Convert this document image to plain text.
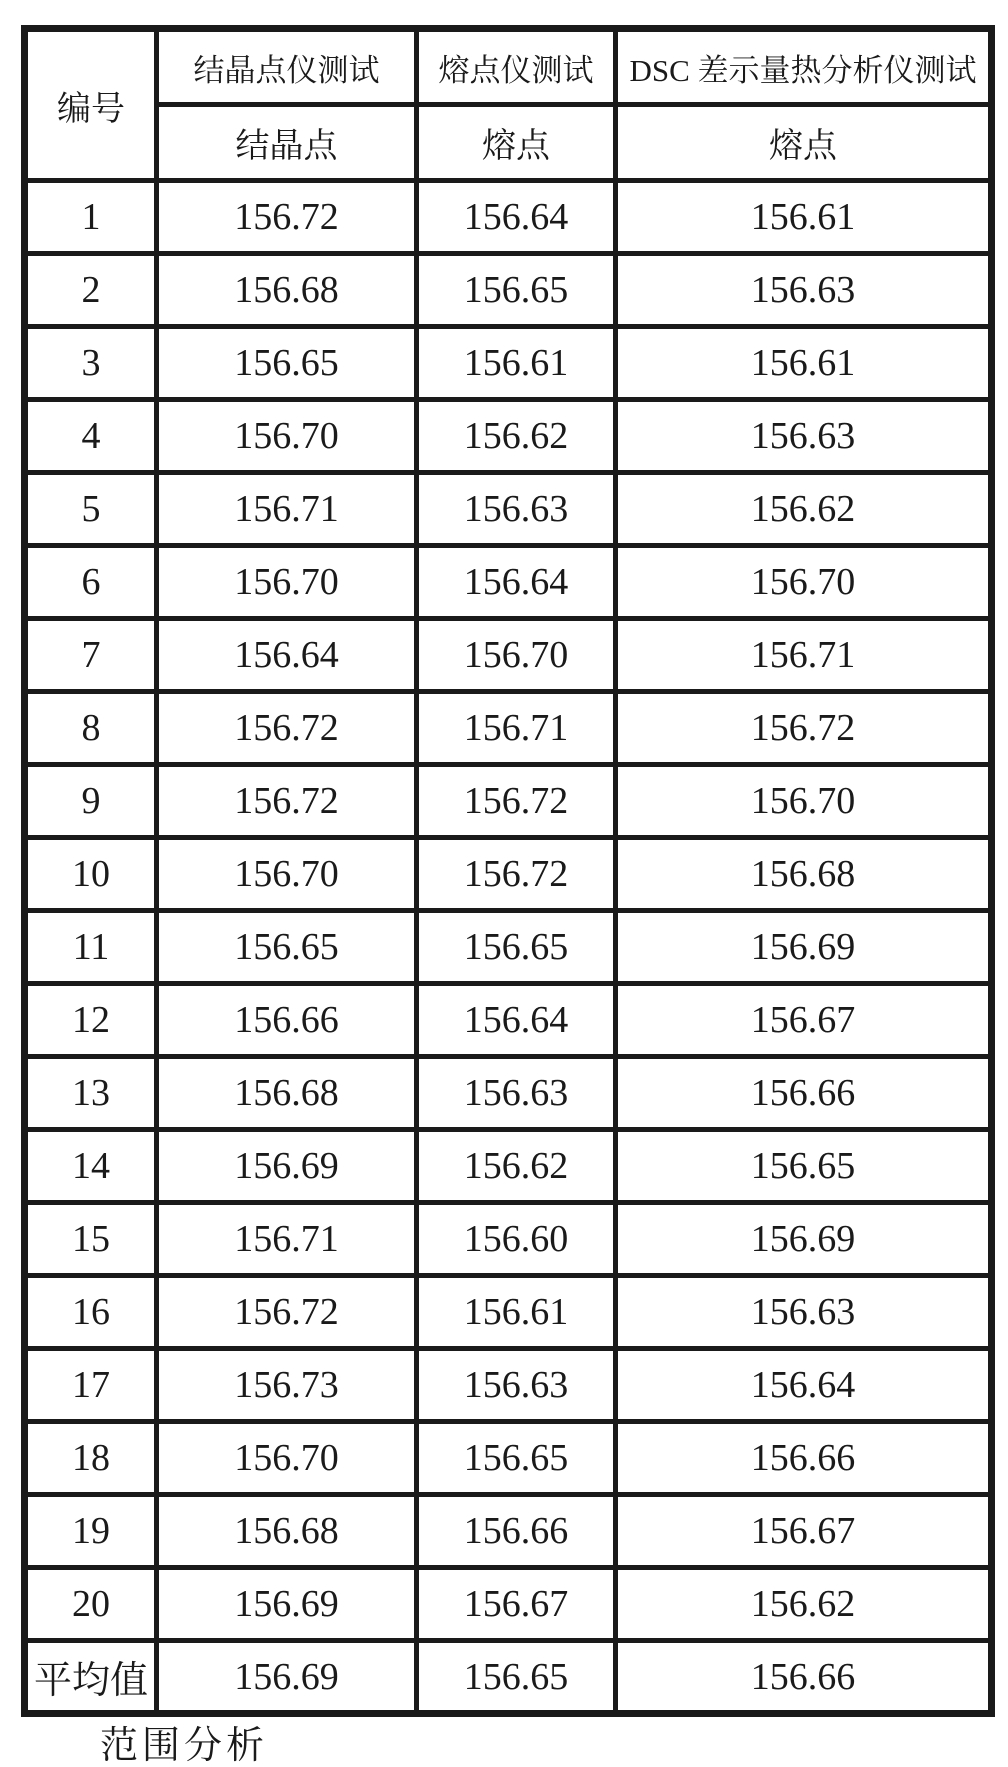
编号	结晶点仪测试	熔点仪测试	DSC 差示量热分析仪测试
	结晶点	熔点	熔点
1	156.72	156.64	156.61
2	156.68	156.65	156.63
3	156.65	156.61	156.61
4	156.70	156.62	156.63
5	156.71	156.63	156.62
6	156.70	156.64	156.70
7	156.64	156.70	156.71
8	156.72	156.71	156.72
9	156.72	156.72	156.70
10	156.70	156.72	156.68
11	156.65	156.65	156.69
12	156.66	156.64	156.67
13	156.68	156.63	156.66
14	156.69	156.62	156.65
15	156.71	156.60	156.69
16	156.72	156.61	156.63
17	156.73	156.63	156.64
18	156.70	156.65	156.66
19	156.68	156.66	156.67
20	156.69	156.67	156.62
平均值	156.69	156.65	156.66
范围分析
